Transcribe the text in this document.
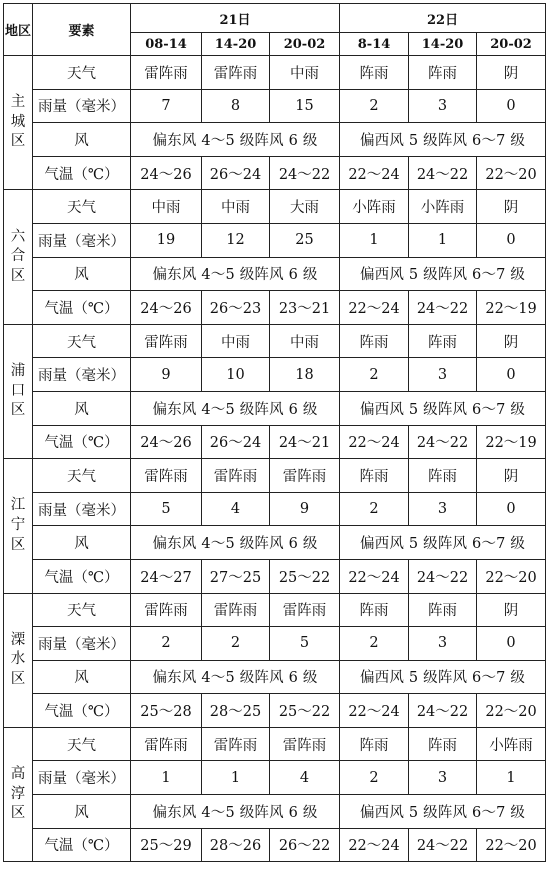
地区	要素	21日			22日		
		08-14	14-20	20-02	8-14	14-20	20-02

主
城
区	天气	雷阵雨	雷阵雨	中雨	阵雨	阵雨	阴
	雨量（毫米）	7	8	15	2	3	0
	风	偏东风 4～5 级阵风 6 级			偏西风 5 级阵风 6～7 级		
	气温（℃）	24～26	26～24	24～22	22～24	24～22	22～20

六
合
区	天气	中雨	中雨	大雨	小阵雨	小阵雨	阴
	雨量（毫米）	19	12	25	1	1	0
	风	偏东风 4～5 级阵风 6 级			偏西风 5 级阵风 6～7 级		
	气温（℃）	24～26	26～23	23～21	22～24	24～22	22～19

浦
口
区	天气	雷阵雨	中雨	中雨	阵雨	阵雨	阴
	雨量（毫米）	9	10	18	2	3	0
	风	偏东风 4～5 级阵风 6 级			偏西风 5 级阵风 6～7 级		
	气温（℃）	24～26	26～24	24～21	22～24	24～22	22～19

江
宁
区	天气	雷阵雨	雷阵雨	雷阵雨	阵雨	阵雨	阴
	雨量（毫米）	5	4	9	2	3	0
	风	偏东风 4～5 级阵风 6 级			偏西风 5 级阵风 6～7 级		
	气温（℃）	24～27	27～25	25～22	22～24	24～22	22～20

溧
水
区	天气	雷阵雨	雷阵雨	雷阵雨	阵雨	阵雨	阴
	雨量（毫米）	2	2	5	2	3	0
	风	偏东风 4～5 级阵风 6 级			偏西风 5 级阵风 6～7 级		
	气温（℃）	25～28	28～25	25～22	22～24	24～22	22～20

高
淳
区	天气	雷阵雨	雷阵雨	雷阵雨	阵雨	阵雨	小阵雨
	雨量（毫米）	1	1	4	2	3	1
	风	偏东风 4～5 级阵风 6 级			偏西风 5 级阵风 6～7 级		
	气温（℃）	25～29	28～26	26～22	22～24	24～22	22～20
